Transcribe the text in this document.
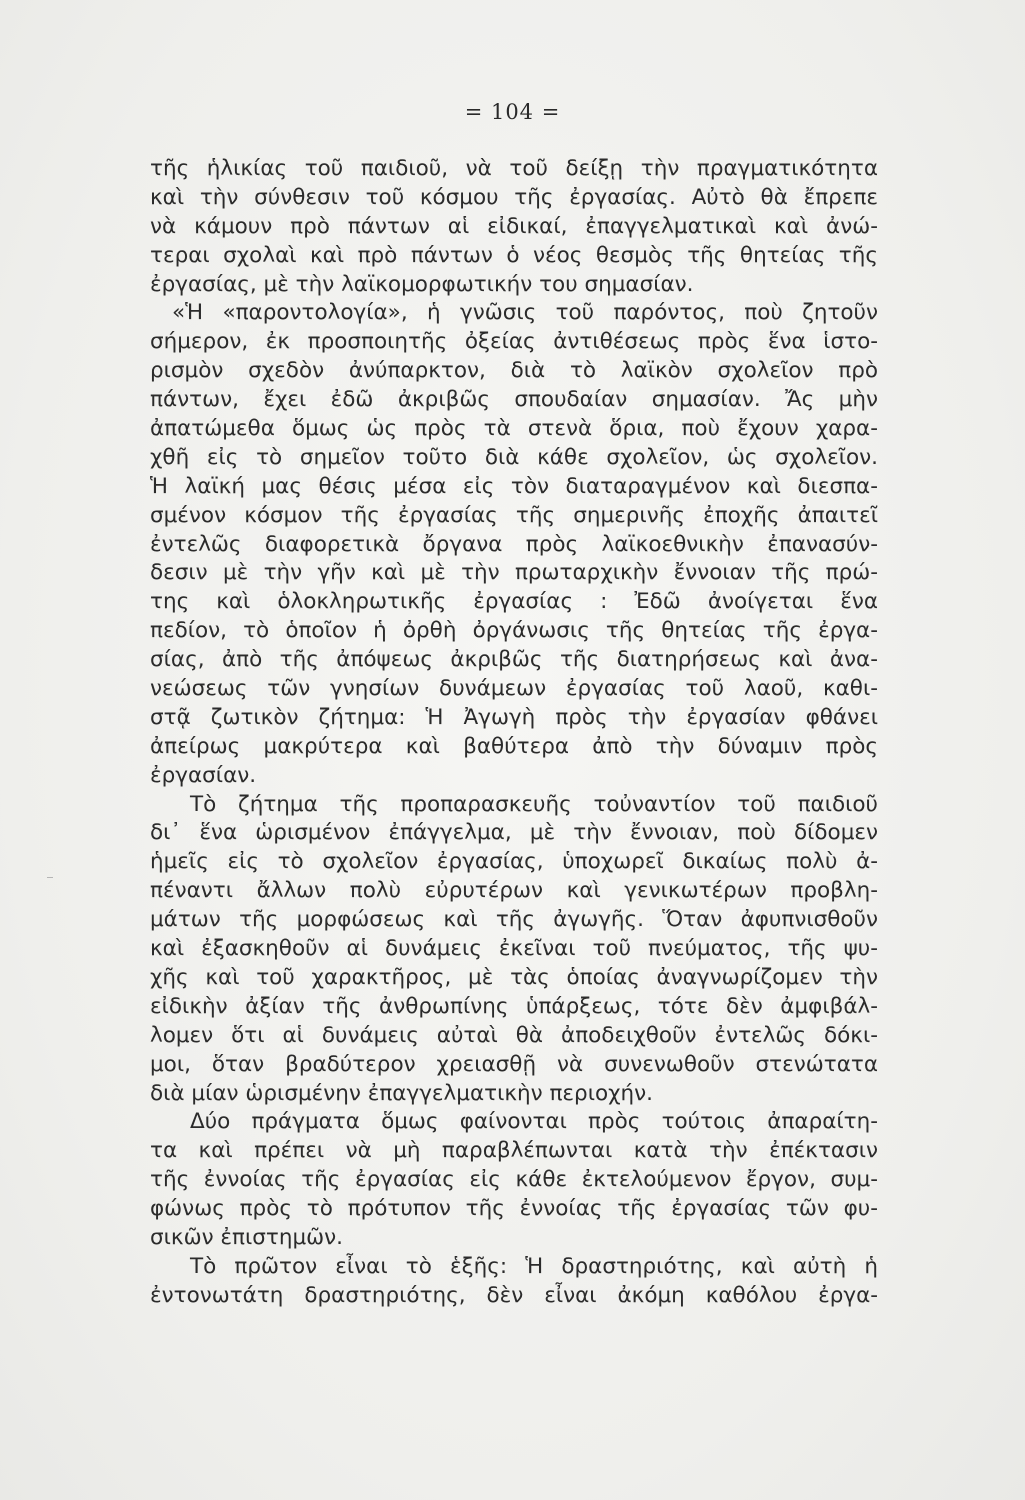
= 104 =
τῆς ἡλικίας τοῦ παιδιοῦ, νὰ τοῦ δείξῃ τὴν πραγματικότητα
καὶ τὴν σύνθεσιν τοῦ κόσμου τῆς ἐργασίας. Αὐτὸ θὰ ἔπρεπε
νὰ κάμουν πρὸ πάντων αἱ εἰδικαί, ἐπαγγελματικαὶ καὶ ἀνώ-
τεραι σχολαὶ καὶ πρὸ πάντων ὁ νέος θεσμὸς τῆς θητείας τῆς
ἐργασίας, μὲ τὴν λαϊκομορφωτικήν του σημασίαν.
«Ἡ «παροντολογία», ἡ γνῶσις τοῦ παρόντος, ποὺ ζητοῦν
σήμερον, ἐκ προσποιητῆς ὀξείας ἀντιθέσεως πρὸς ἕνα ἱστο-
ρισμὸν σχεδὸν ἀνύπαρκτον, διὰ τὸ λαϊκὸν σχολεῖον πρὸ
πάντων, ἔχει ἐδῶ ἀκριβῶς σπουδαίαν σημασίαν. Ἄς μὴν
ἀπατώμεθα ὅμως ὡς πρὸς τὰ στενὰ ὅρια, ποὺ ἔχουν χαρα-
χθῆ εἰς τὸ σημεῖον τοῦτο διὰ κάθε σχολεῖον, ὡς σχολεῖον.
Ἡ λαϊκή μας θέσις μέσα εἰς τὸν διαταραγμένον καὶ διεσπα-
σμένον κόσμον τῆς ἐργασίας τῆς σημερινῆς ἐποχῆς ἀπαιτεῖ
ἐντελῶς διαφορετικὰ ὄργανα πρὸς λαϊκοεθνικὴν ἐπανασύν-
δεσιν μὲ τὴν γῆν καὶ μὲ τὴν πρωταρχικὴν ἔννοιαν τῆς πρώ-
της καὶ ὁλοκληρωτικῆς ἐργασίας : Ἐδῶ ἀνοίγεται ἕνα
πεδίον, τὸ ὁποῖον ἡ ὀρθὴ ὀργάνωσις τῆς θητείας τῆς ἐργα-
σίας, ἀπὸ τῆς ἀπόψεως ἀκριβῶς τῆς διατηρήσεως καὶ ἀνα-
νεώσεως τῶν γνησίων δυνάμεων ἐργασίας τοῦ λαοῦ, καθι-
στᾷ ζωτικὸν ζήτημα: Ἡ Ἀγωγὴ πρὸς τὴν ἐργασίαν φθάνει
ἀπείρως μακρύτερα καὶ βαθύτερα ἀπὸ τὴν δύναμιν πρὸς
ἐργασίαν.
Τὸ ζήτημα τῆς προπαρασκευῆς τοὐναντίον τοῦ παιδιοῦ
δι᾽ ἕνα ὡρισμένον ἐπάγγελμα, μὲ τὴν ἔννοιαν, ποὺ δίδομεν
ἡμεῖς εἰς τὸ σχολεῖον ἐργασίας, ὑποχωρεῖ δικαίως πολὺ ἀ-
πέναντι ἄλλων πολὺ εὐρυτέρων καὶ γενικωτέρων προβλη-
μάτων τῆς μορφώσεως καὶ τῆς ἀγωγῆς. Ὅταν ἀφυπνισθοῦν
καὶ ἐξασκηθοῦν αἱ δυνάμεις ἐκεῖναι τοῦ πνεύματος, τῆς ψυ-
χῆς καὶ τοῦ χαρακτῆρος, μὲ τὰς ὁποίας ἀναγνωρίζομεν τὴν
εἰδικὴν ἀξίαν τῆς ἀνθρωπίνης ὑπάρξεως, τότε δὲν ἀμφιβάλ-
λομεν ὅτι αἱ δυνάμεις αὐταὶ θὰ ἀποδειχθοῦν ἐντελῶς δόκι-
μοι, ὅταν βραδύτερον χρειασθῇ νὰ συνενωθοῦν στενώτατα
διὰ μίαν ὡρισμένην ἐπαγγελματικὴν περιοχήν.
Δύο πράγματα ὅμως φαίνονται πρὸς τούτοις ἀπαραίτη-
τα καὶ πρέπει νὰ μὴ παραβλέπωνται κατὰ τὴν ἐπέκτασιν
τῆς ἐννοίας τῆς ἐργασίας εἰς κάθε ἐκτελούμενον ἔργον, συμ-
φώνως πρὸς τὸ πρότυπον τῆς ἐννοίας τῆς ἐργασίας τῶν φυ-
σικῶν ἐπιστημῶν.
Τὸ πρῶτον εἶναι τὸ ἑξῆς: Ἡ δραστηριότης, καὶ αὐτὴ ἡ
ἐντονωτάτη δραστηριότης, δὲν εἶναι ἀκόμη καθόλου ἐργα-
